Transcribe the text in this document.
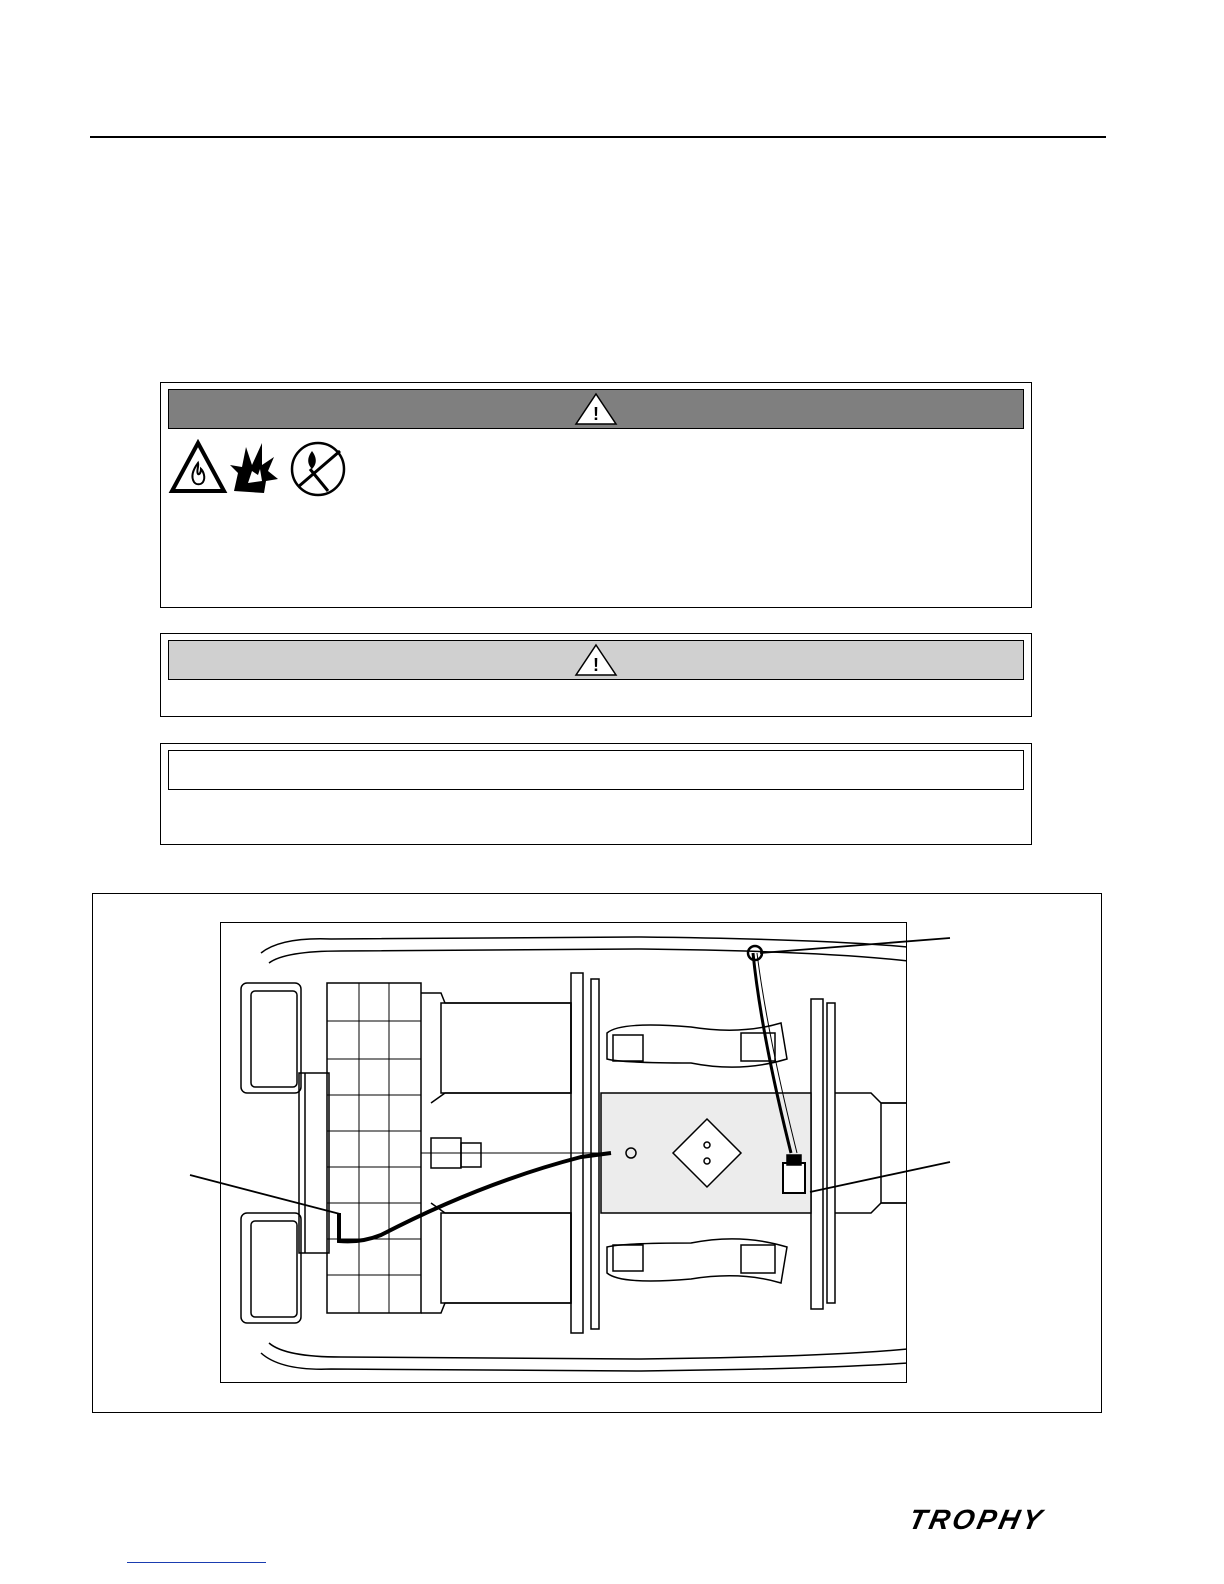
!
!
TROPHY
